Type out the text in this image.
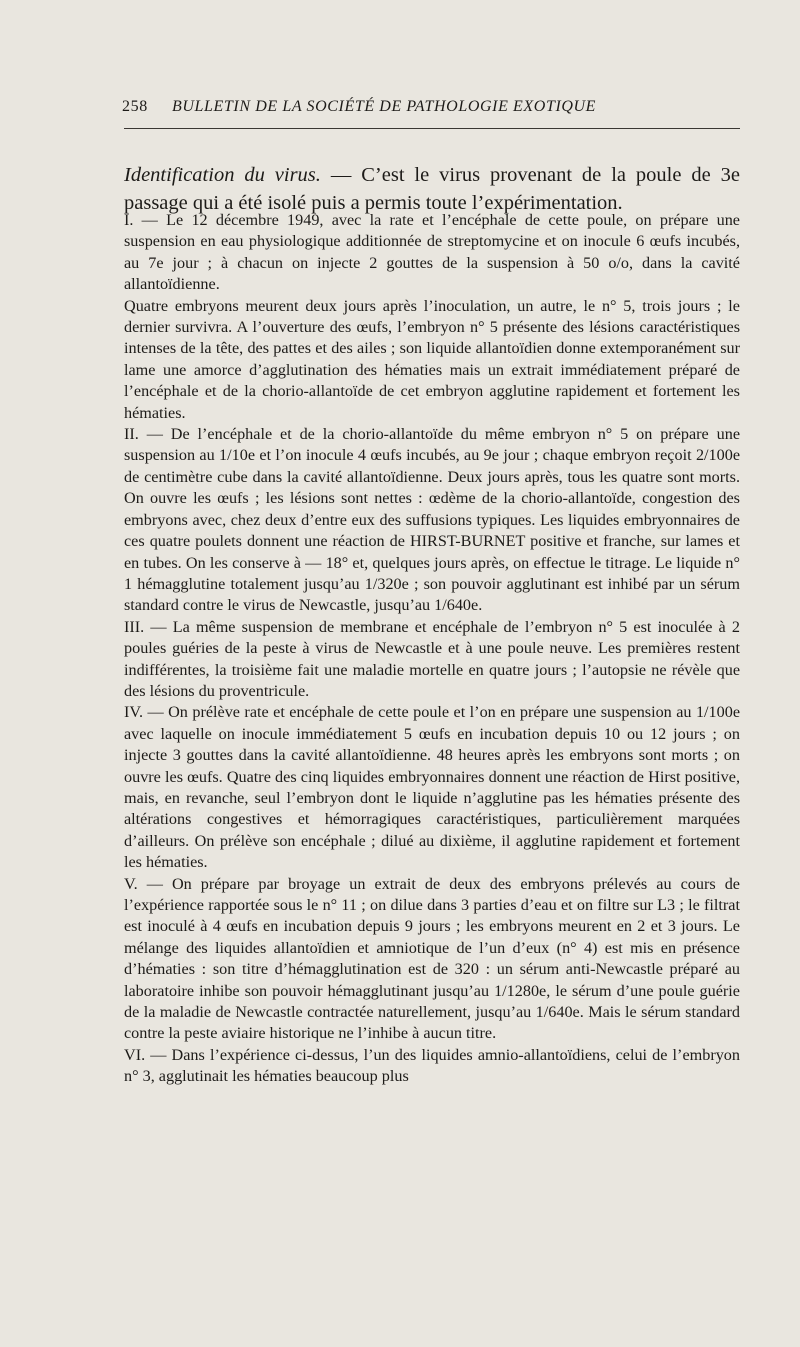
258	BULLETIN DE LA SOCIÉTÉ DE PATHOLOGIE EXOTIQUE

Identification du virus. — C’est le virus provenant de la poule de 3e passage qui a été isolé puis a permis toute l’expérimentation.

I. — Le 12 décembre 1949, avec la rate et l’encéphale de cette poule, on prépare une suspension en eau physiologique additionnée de streptomycine et on inocule 6 œufs incubés, au 7e jour ; à chacun on injecte 2 gouttes de la suspension à 50 o/o, dans la cavité allantoïdienne.

Quatre embryons meurent deux jours après l’inoculation, un autre, le n° 5, trois jours ; le dernier survivra. A l’ouverture des œufs, l’embryon n° 5 présente des lésions caractéristiques intenses de la tête, des pattes et des ailes ; son liquide allantoïdien donne extemporanément sur lame une amorce d’agglutination des hématies mais un extrait immédiatement préparé de l’encéphale et de la chorio-allantoïde de cet embryon agglutine rapidement et fortement les hématies.

II. — De l’encéphale et de la chorio-allantoïde du même embryon n° 5 on prépare une suspension au 1/10e et l’on inocule 4 œufs incubés, au 9e jour ; chaque embryon reçoit 2/100e de centimètre cube dans la cavité allantoïdienne. Deux jours après, tous les quatre sont morts. On ouvre les œufs ; les lésions sont nettes : œdème de la chorio-allantoïde, congestion des embryons avec, chez deux d’entre eux des suffusions typiques. Les liquides embryonnaires de ces quatre poulets donnent une réaction de HIRST-BURNET positive et franche, sur lames et en tubes. On les conserve à — 18° et, quelques jours après, on effectue le titrage. Le liquide n° 1 hémagglutine totalement jusqu’au 1/320e ; son pouvoir agglutinant est inhibé par un sérum standard contre le virus de Newcastle, jusqu’au 1/640e.

III. — La même suspension de membrane et encéphale de l’embryon n° 5 est inoculée à 2 poules guéries de la peste à virus de Newcastle et à une poule neuve. Les premières restent indifférentes, la troisième fait une maladie mortelle en quatre jours ; l’autopsie ne révèle que des lésions du proventricule.

IV. — On prélève rate et encéphale de cette poule et l’on en prépare une suspension au 1/100e avec laquelle on inocule immédiatement 5 œufs en incubation depuis 10 ou 12 jours ; on injecte 3 gouttes dans la cavité allantoïdienne. 48 heures après les embryons sont morts ; on ouvre les œufs. Quatre des cinq liquides embryonnaires donnent une réaction de Hirst positive, mais, en revanche, seul l’embryon dont le liquide n’agglutine pas les hématies présente des altérations congestives et hémorragiques caractéristiques, particulièrement marquées d’ailleurs. On prélève son encéphale ; dilué au dixième, il agglutine rapidement et fortement les hématies.

V. — On prépare par broyage un extrait de deux des embryons prélevés au cours de l’expérience rapportée sous le n° 11 ; on dilue dans 3 parties d’eau et on filtre sur L3 ; le filtrat est inoculé à 4 œufs en incubation depuis 9 jours ; les embryons meurent en 2 et 3 jours. Le mélange des liquides allantoïdien et amniotique de l’un d’eux (n° 4) est mis en présence d’hématies : son titre d’hémagglutination est de 320 : un sérum anti-Newcastle préparé au laboratoire inhibe son pouvoir hémagglutinant jusqu’au 1/1280e, le sérum d’une poule guérie de la maladie de Newcastle contractée naturellement, jusqu’au 1/640e. Mais le sérum standard contre la peste aviaire historique ne l’inhibe à aucun titre.

VI. — Dans l’expérience ci-dessus, l’un des liquides amnio-allantoïdiens, celui de l’embryon n° 3, agglutinait les hématies beaucoup plus
